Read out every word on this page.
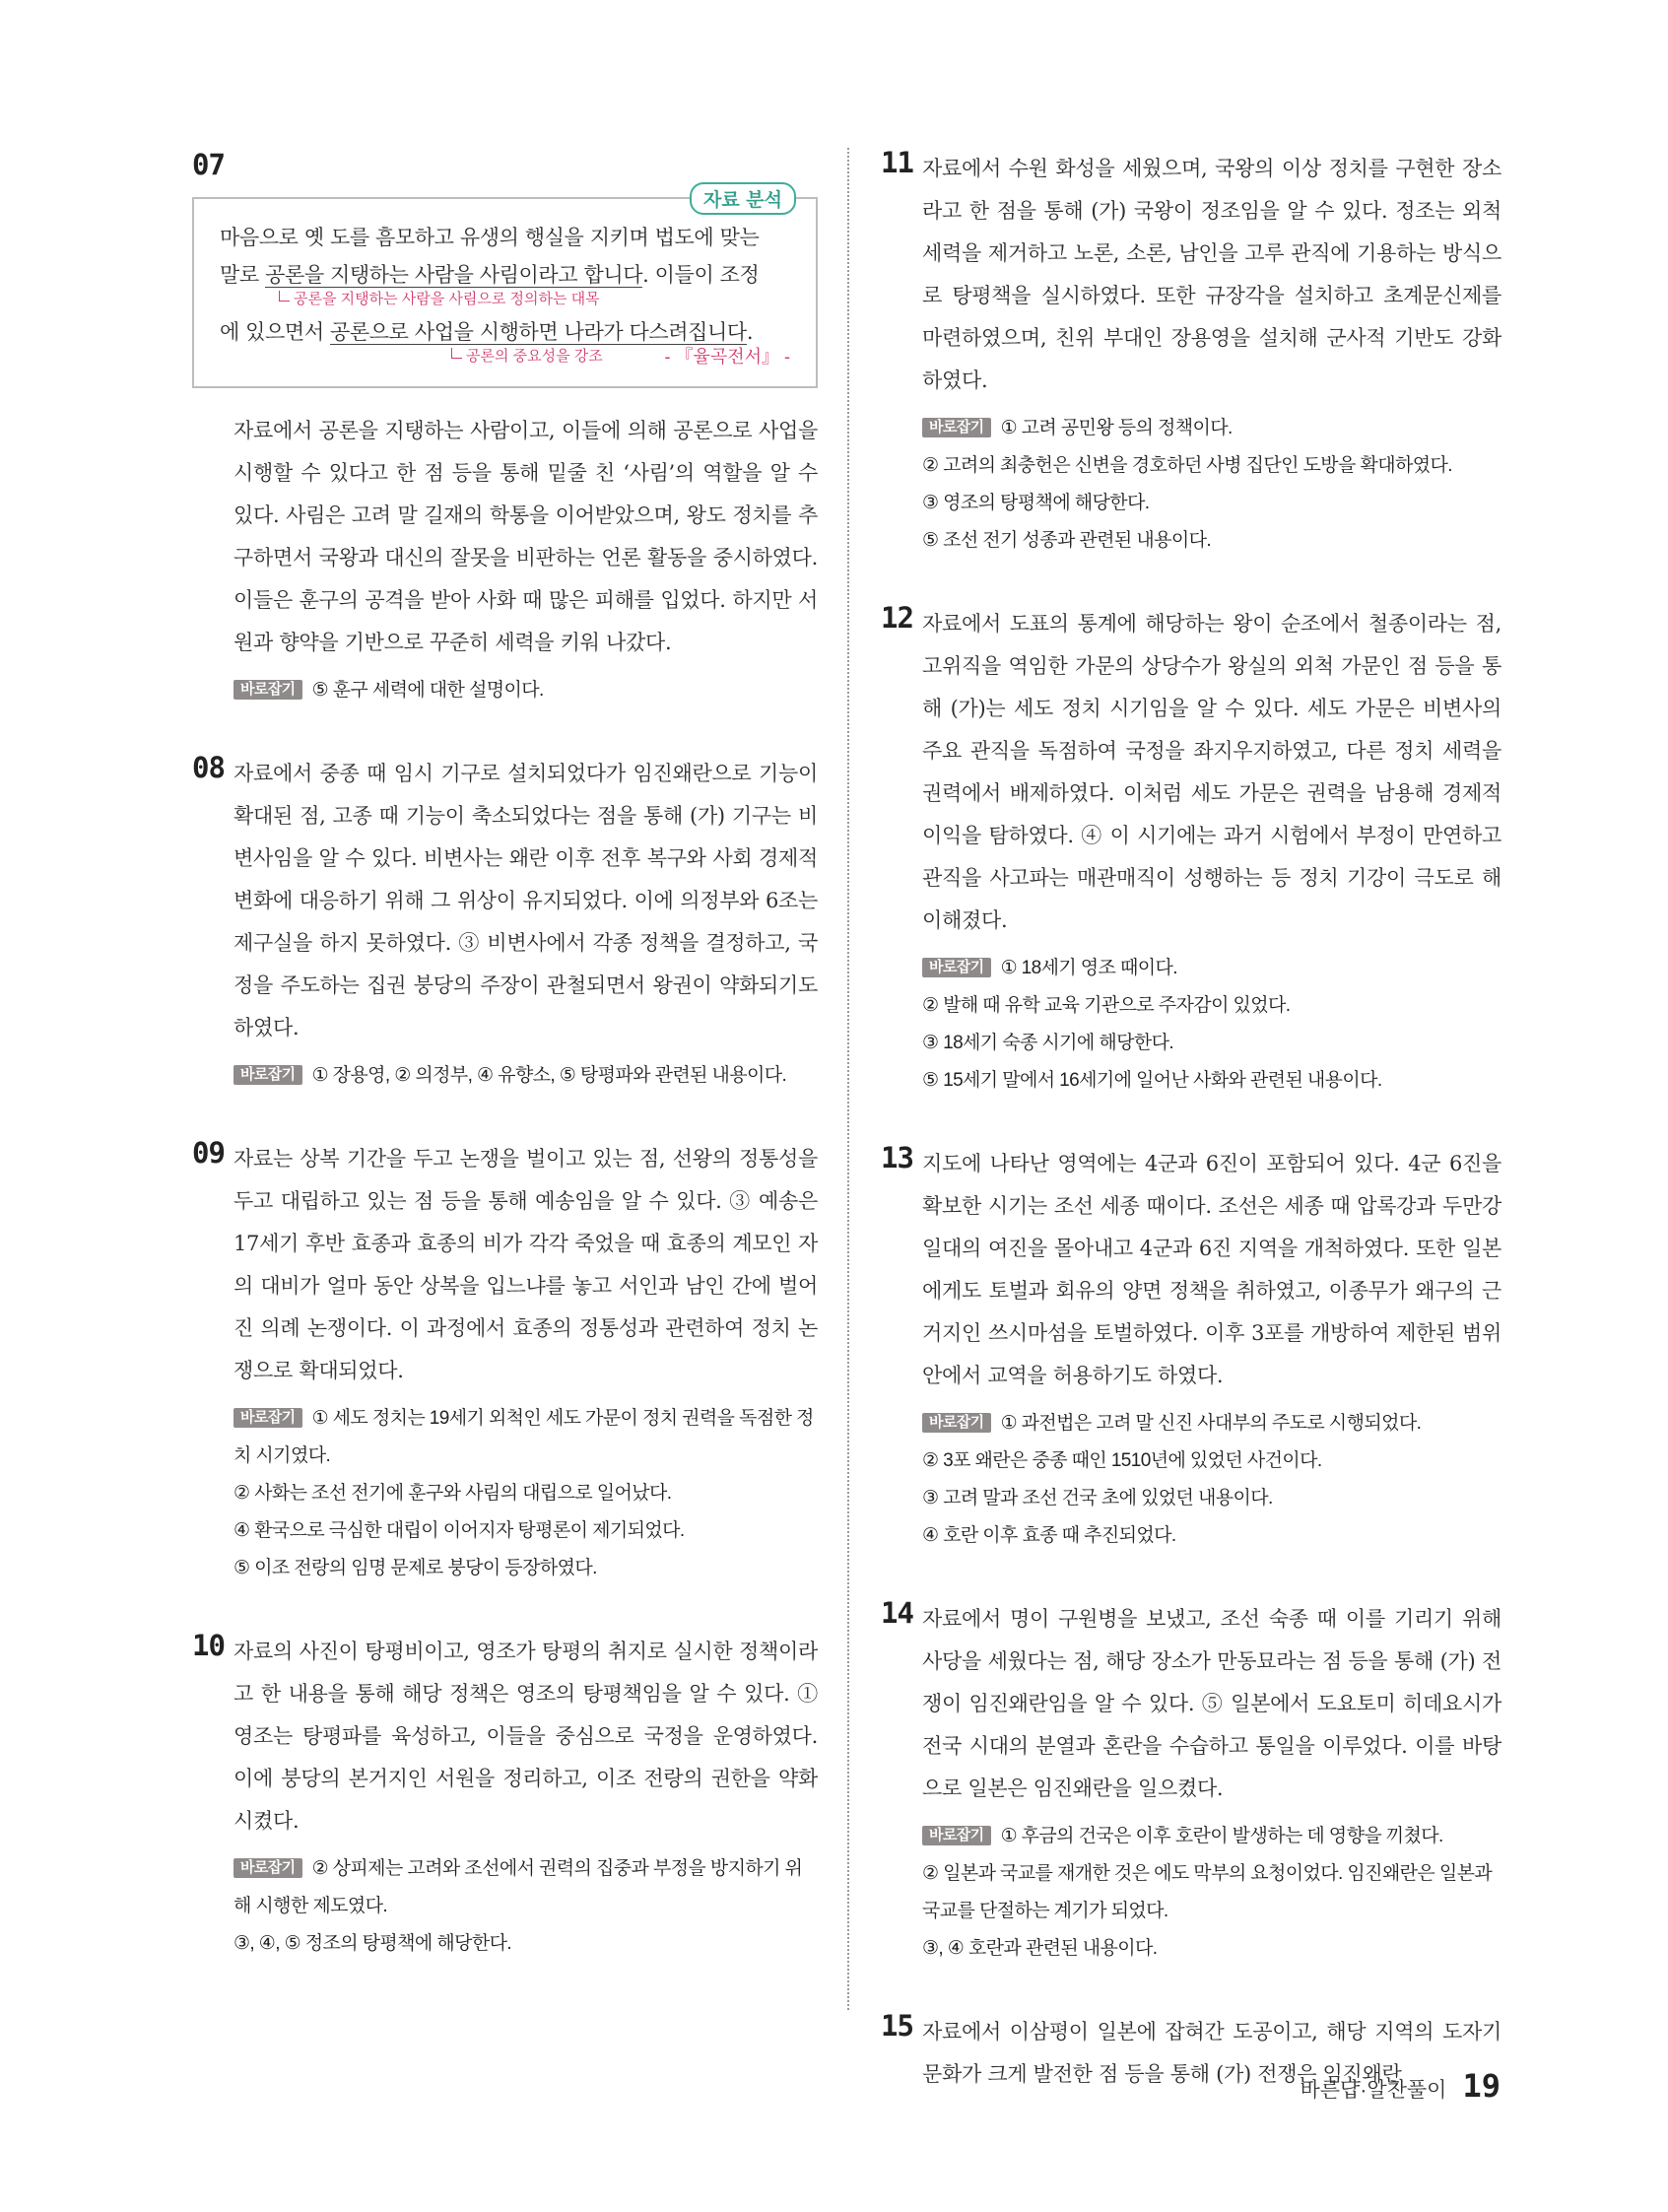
07
자료 분석

마음으로 옛 도를 흠모하고 유생의 행실을 지키며 법도에 맞는

말로 공론을 지탱하는 사람을 사림이라고 합니다. 이들이 조정

공론을 지탱하는 사람을 사림으로 정의하는 대목

에 있으면서 공론으로 사업을 시행하면 나라가 다스려집니다.

공론의 중요성을 강조	- 『율곡전서』 -

자료에서 공론을 지탱하는 사람이고, 이들에 의해 공론으로 사업을 시행할 수 있다고 한 점 등을 통해 밑줄 친 ‘사림’의 역할을 알 수 있다. 사림은 고려 말 길재의 학통을 이어받았으며, 왕도 정치를 추구하면서 국왕과 대신의 잘못을 비판하는 언론 활동을 중시하였다. 이들은 훈구의 공격을 받아 사화 때 많은 피해를 입었다. 하지만 서원과 향약을 기반으로 꾸준히 세력을 키워 나갔다.

바로잡기 ⑤ 훈구 세력에 대한 설명이다.

08 자료에서 중종 때 임시 기구로 설치되었다가 임진왜란으로 기능이 확대된 점, 고종 때 기능이 축소되었다는 점을 통해 (가) 기구는 비변사임을 알 수 있다. 비변사는 왜란 이후 전후 복구와 사회 경제적 변화에 대응하기 위해 그 위상이 유지되었다. 이에 의정부와 6조는 제구실을 하지 못하였다. ③ 비변사에서 각종 정책을 결정하고, 국정을 주도하는 집권 붕당의 주장이 관철되면서 왕권이 약화되기도 하였다.

바로잡기 ① 장용영, ② 의정부, ④ 유향소, ⑤ 탕평파와 관련된 내용이다.

09 자료는 상복 기간을 두고 논쟁을 벌이고 있는 점, 선왕의 정통성을 두고 대립하고 있는 점 등을 통해 예송임을 알 수 있다. ③ 예송은 17세기 후반 효종과 효종의 비가 각각 죽었을 때 효종의 계모인 자의 대비가 얼마 동안 상복을 입느냐를 놓고 서인과 남인 간에 벌어진 의례 논쟁이다. 이 과정에서 효종의 정통성과 관련하여 정치 논쟁으로 확대되었다.

바로잡기 ① 세도 정치는 19세기 외척인 세도 가문이 정치 권력을 독점한 정치 시기였다.

② 사화는 조선 전기에 훈구와 사림의 대립으로 일어났다.

④ 환국으로 극심한 대립이 이어지자 탕평론이 제기되었다.

⑤ 이조 전랑의 임명 문제로 붕당이 등장하였다.

10 자료의 사진이 탕평비이고, 영조가 탕평의 취지로 실시한 정책이라고 한 내용을 통해 해당 정책은 영조의 탕평책임을 알 수 있다. ① 영조는 탕평파를 육성하고, 이들을 중심으로 국정을 운영하였다. 이에 붕당의 본거지인 서원을 정리하고, 이조 전랑의 권한을 약화시켰다.

바로잡기 ② 상피제는 고려와 조선에서 권력의 집중과 부정을 방지하기 위해 시행한 제도였다.

③, ④, ⑤ 정조의 탕평책에 해당한다.

11 자료에서 수원 화성을 세웠으며, 국왕의 이상 정치를 구현한 장소라고 한 점을 통해 (가) 국왕이 정조임을 알 수 있다. 정조는 외척 세력을 제거하고 노론, 소론, 남인을 고루 관직에 기용하는 방식으로 탕평책을 실시하였다. 또한 규장각을 설치하고 초계문신제를 마련하였으며, 친위 부대인 장용영을 설치해 군사적 기반도 강화하였다.

바로잡기 ① 고려 공민왕 등의 정책이다.

② 고려의 최충헌은 신변을 경호하던 사병 집단인 도방을 확대하였다.

③ 영조의 탕평책에 해당한다.

⑤ 조선 전기 성종과 관련된 내용이다.

12 자료에서 도표의 통계에 해당하는 왕이 순조에서 철종이라는 점, 고위직을 역임한 가문의 상당수가 왕실의 외척 가문인 점 등을 통해 (가)는 세도 정치 시기임을 알 수 있다. 세도 가문은 비변사의 주요 관직을 독점하여 국정을 좌지우지하였고, 다른 정치 세력을 권력에서 배제하였다. 이처럼 세도 가문은 권력을 남용해 경제적 이익을 탐하였다. ④ 이 시기에는 과거 시험에서 부정이 만연하고 관직을 사고파는 매관매직이 성행하는 등 정치 기강이 극도로 해이해졌다.

바로잡기 ① 18세기 영조 때이다.

② 발해 때 유학 교육 기관으로 주자감이 있었다.

③ 18세기 숙종 시기에 해당한다.

⑤ 15세기 말에서 16세기에 일어난 사화와 관련된 내용이다.

13 지도에 나타난 영역에는 4군과 6진이 포함되어 있다. 4군 6진을 확보한 시기는 조선 세종 때이다. 조선은 세종 때 압록강과 두만강 일대의 여진을 몰아내고 4군과 6진 지역을 개척하였다. 또한 일본에게도 토벌과 회유의 양면 정책을 취하였고, 이종무가 왜구의 근거지인 쓰시마섬을 토벌하였다. 이후 3포를 개방하여 제한된 범위 안에서 교역을 허용하기도 하였다.

바로잡기 ① 과전법은 고려 말 신진 사대부의 주도로 시행되었다.

② 3포 왜란은 중종 때인 1510년에 있었던 사건이다.

③ 고려 말과 조선 건국 초에 있었던 내용이다.

④ 호란 이후 효종 때 추진되었다.

14 자료에서 명이 구원병을 보냈고, 조선 숙종 때 이를 기리기 위해 사당을 세웠다는 점, 해당 장소가 만동묘라는 점 등을 통해 (가) 전쟁이 임진왜란임을 알 수 있다. ⑤ 일본에서 도요토미 히데요시가 전국 시대의 분열과 혼란을 수습하고 통일을 이루었다. 이를 바탕으로 일본은 임진왜란을 일으켰다.

바로잡기 ① 후금의 건국은 이후 호란이 발생하는 데 영향을 끼쳤다.

② 일본과 국교를 재개한 것은 에도 막부의 요청이었다. 임진왜란은 일본과 국교를 단절하는 계기가 되었다.

③, ④ 호란과 관련된 내용이다.

15 자료에서 이삼평이 일본에 잡혀간 도공이고, 해당 지역의 도자기 문화가 크게 발전한 점 등을 통해 (가) 전쟁은 임진왜란

바른답·알찬풀이 19
